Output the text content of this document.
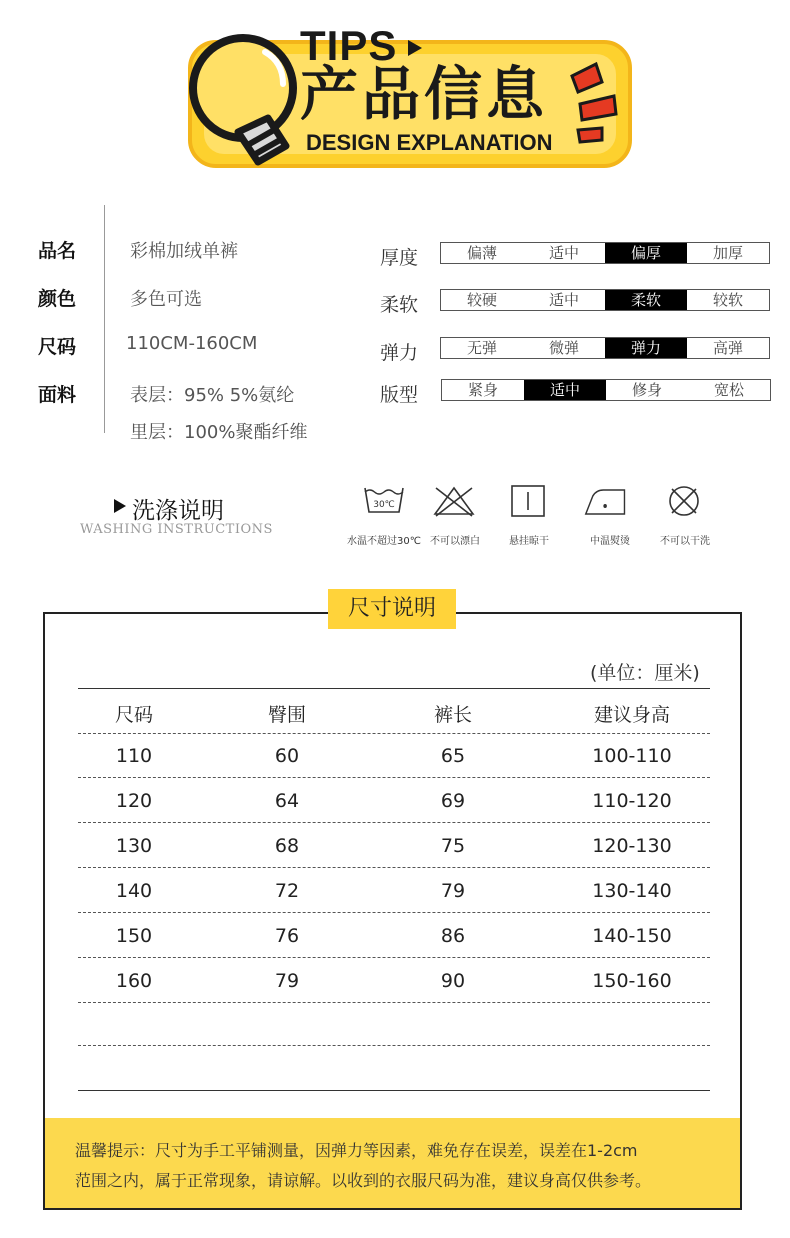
TIPS
产品信息
DESIGN EXPLANATION
品名	彩棉加绒单裤
颜色	多色可选
尺码	110CM-160CM
面料	表层：95% 5%氨纶
里层：100%聚酯纤维
厚度	偏薄	适中	偏厚	加厚
柔软	较硬	适中	柔软	较软
弹力	无弹	微弹	弹力	高弹
版型	紧身	适中	修身	宽松
洗涤说明
WASHING INSTRUCTIONS
30℃
水温不超过30℃ 不可以漂白	悬挂晾干	中温熨烫	不可以干洗
尺寸说明
(单位：厘米)
尺码	臀围	裤长	建议身高
110	60	65	100-110
120	64	69	110-120
130	68	75	120-130
140	72	79	130-140
150	76	86	140-150
160	79	90	150-160

温馨提示：尺寸为手工平铺测量，因弹力等因素，难免存在误差，误差在1-2cm

范围之内，属于正常现象，请谅解。以收到的衣服尺码为准，建议身高仅供参考。
